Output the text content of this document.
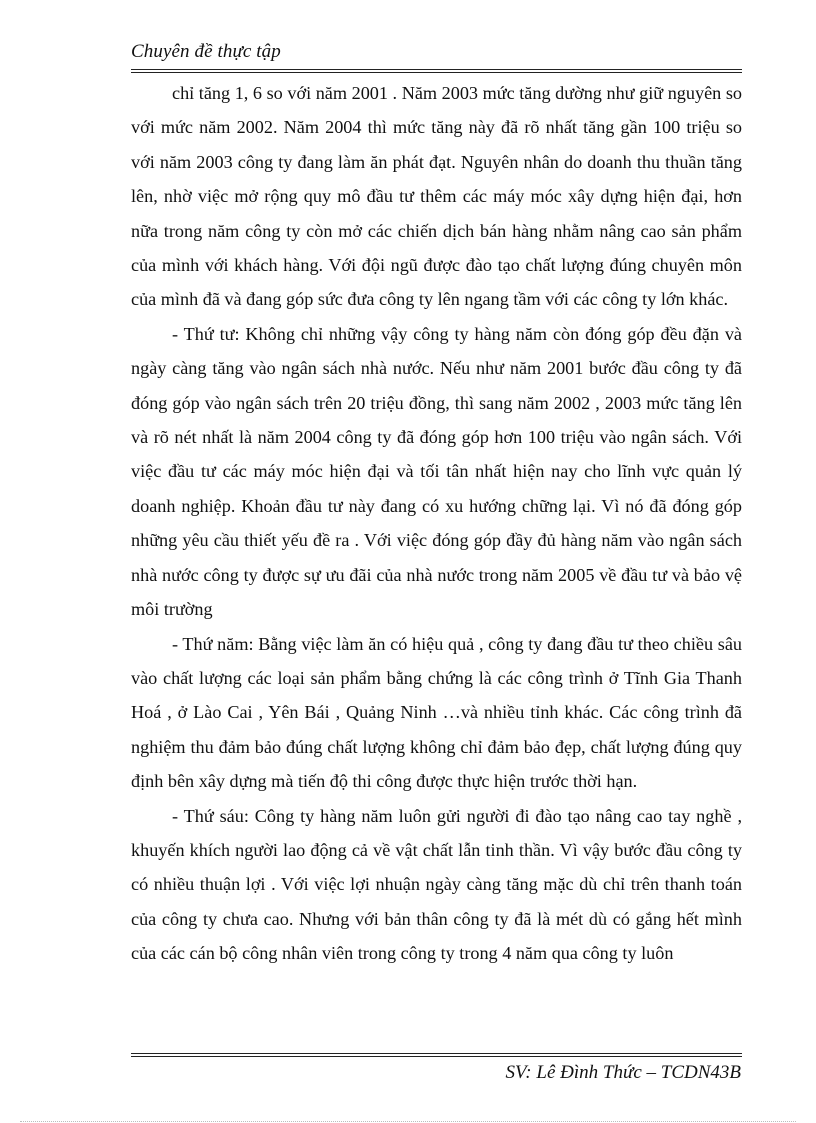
Chuyên đề thực tập

chỉ tăng 1, 6 so với năm 2001 . Năm 2003 mức tăng dường như giữ nguyên so với mức năm 2002. Năm 2004 thì mức tăng này đã rõ nhất tăng gần 100 triệu so với năm 2003 công ty đang làm ăn phát đạt. Nguyên nhân do doanh thu thuần tăng lên, nhờ việc mở rộng quy mô đầu tư thêm các máy móc xây dựng hiện đại, hơn nữa trong năm công ty còn mở các chiến dịch bán hàng nhằm nâng cao sản phẩm của mình với khách hàng. Với đội ngũ được đào tạo chất lượng đúng chuyên môn của mình đã và đang góp sức đưa công ty lên ngang tầm với các công ty lớn khác.

- Thứ tư: Không chỉ những vậy công ty hàng năm còn đóng góp đều đặn và ngày càng tăng vào ngân sách nhà nước. Nếu như năm 2001 bước đầu công ty đã đóng góp vào ngân sách trên 20 triệu đồng, thì sang năm 2002 , 2003 mức tăng lên và rõ nét nhất là năm 2004 công ty đã đóng góp hơn 100 triệu vào ngân sách. Với việc đầu tư các máy móc hiện đại và tối tân nhất hiện nay cho lĩnh vực quản lý doanh nghiệp. Khoản đầu tư này đang có xu hướng chững lại. Vì nó đã đóng góp những yêu cầu thiết yếu đề ra . Với việc đóng góp đầy đủ hàng năm vào ngân sách nhà nước công ty được sự ưu đãi của nhà nước trong năm 2005 về đầu tư và bảo vệ môi trường

- Thứ năm: Bằng việc làm ăn có hiệu quả , công ty đang đầu tư theo chiều sâu vào chất lượng các loại sản phẩm bằng chứng là các công trình ở Tĩnh Gia Thanh Hoá , ở Lào Cai , Yên Bái , Quảng Ninh …và nhiều tỉnh khác. Các công trình đã nghiệm thu đảm bảo đúng chất lượng không chỉ đảm bảo đẹp, chất lượng đúng quy định bên xây dựng mà tiến độ thi công được thực hiện trước thời hạn.

- Thứ sáu: Công ty hàng năm luôn gửi người đi đào tạo nâng cao tay nghề , khuyến khích người lao động cả về vật chất lẫn tinh thần. Vì vậy bước đầu công ty có nhiều thuận lợi . Với việc lợi nhuận ngày càng tăng mặc dù chỉ trên thanh toán của công ty chưa cao. Nhưng với bản thân công ty đã là mét dù có gắng hết mình của các cán bộ công nhân viên trong công ty trong 4 năm qua công ty luôn

SV: Lê Đình Thức – TCDN43B
